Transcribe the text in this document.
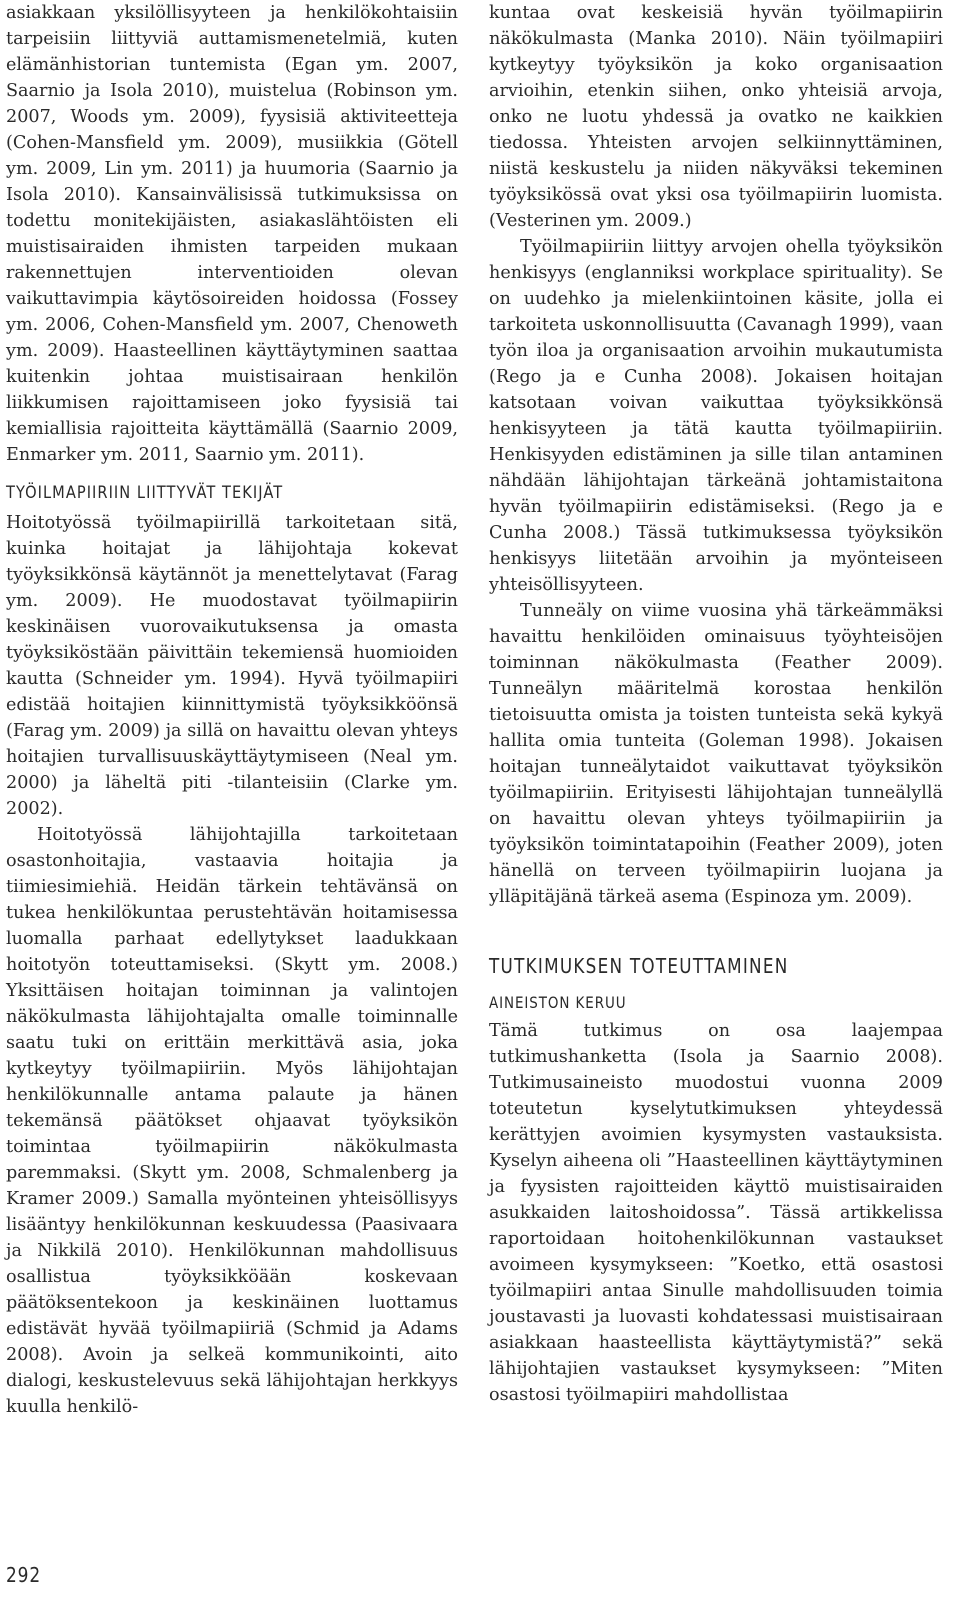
asiakkaan yksilöllisyyteen ja henkilökohtaisiin tarpeisiin liittyviä auttamismenetelmiä, kuten elämänhistorian tuntemista (Egan ym. 2007, Saarnio ja Isola 2010), muistelua (Robinson ym. 2007, Woods ym. 2009), fyysisiä aktiviteetteja (Cohen-Mansfield ym. 2009), musiikkia (Götell ym. 2009, Lin ym. 2011) ja huumoria (Saarnio ja Isola 2010). Kansainvälisissä tutkimuksissa on todettu monitekijäisten, asiakaslähtöisten eli muistisairaiden ihmisten tarpeiden mukaan rakennettujen interventioiden olevan vaikuttavimpia käytösoireiden hoidossa (Fossey ym. 2006, Cohen-Mansfield ym. 2007, Chenoweth ym. 2009). Haasteellinen käyttäytyminen saattaa kuitenkin johtaa muistisairaan henkilön liikkumisen rajoittamiseen joko fyysisiä tai kemiallisia rajoitteita käyttämällä (Saarnio 2009, Enmarker ym. 2011, Saarnio ym. 2011).

TYÖILMAPIIRIIN LIITTYVÄT TEKIJÄT

Hoitotyössä työilmapiirillä tarkoitetaan sitä, kuinka hoitajat ja lähijohtaja kokevat työyksikkönsä käytännöt ja menettelytavat (Farag ym. 2009). He muodostavat työilmapiirin keskinäisen vuorovaikutuksensa ja omasta työyksiköstään päivittäin tekemiensä huomioiden kautta (Schneider ym. 1994). Hyvä työilmapiiri edistää hoitajien kiinnittymistä työyksikköönsä (Farag ym. 2009) ja sillä on havaittu olevan yhteys hoitajien turvallisuuskäyttäytymiseen (Neal ym. 2000) ja läheltä piti -tilanteisiin (Clarke ym. 2002).

Hoitotyössä lähijohtajilla tarkoitetaan osastonhoitajia, vastaavia hoitajia ja tiimiesimiehiä. Heidän tärkein tehtävänsä on tukea henkilökuntaa perustehtävän hoitamisessa luomalla parhaat edellytykset laadukkaan hoitotyön toteuttamiseksi. (Skytt ym. 2008.) Yksittäisen hoitajan toiminnan ja valintojen näkökulmasta lähijohtajalta omalle toiminnalle saatu tuki on erittäin merkittävä asia, joka kytkeytyy työilmapiiriin. Myös lähijohtajan henkilökunnalle antama palaute ja hänen tekemänsä päätökset ohjaavat työyksikön toimintaa työilmapiirin näkökulmasta paremmaksi. (Skytt ym. 2008, Schmalenberg ja Kramer 2009.) Samalla myönteinen yhteisöllisyys lisääntyy henkilökunnan keskuudessa (Paasivaara ja Nikkilä 2010). Henkilökunnan mahdollisuus osallistua työyksikköään koskevaan päätöksentekoon ja keskinäinen luottamus edistävät hyvää työilmapiiriä (Schmid ja Adams 2008). Avoin ja selkeä kommunikointi, aito dialogi, keskustelevuus sekä lähijohtajan herkkyys kuulla henkilö-

kuntaa ovat keskeisiä hyvän työilmapiirin näkökulmasta (Manka 2010). Näin työilmapiiri kytkeytyy työyksikön ja koko organisaation arvioihin, etenkin siihen, onko yhteisiä arvoja, onko ne luotu yhdessä ja ovatko ne kaikkien tiedossa. Yhteisten arvojen selkiinnyttäminen, niistä keskustelu ja niiden näkyväksi tekeminen työyksikössä ovat yksi osa työilmapiirin luomista. (Vesterinen ym. 2009.)

Työilmapiiriin liittyy arvojen ohella työyksikön henkisyys (englanniksi workplace spirituality). Se on uudehko ja mielenkiintoinen käsite, jolla ei tarkoiteta uskonnollisuutta (Cavanagh 1999), vaan työn iloa ja organisaation arvoihin mukautumista (Rego ja e Cunha 2008). Jokaisen hoitajan katsotaan voivan vaikuttaa työyksikkönsä henkisyyteen ja tätä kautta työilmapiiriin. Henkisyyden edistäminen ja sille tilan antaminen nähdään lähijohtajan tärkeänä johtamistaitona hyvän työilmapiirin edistämiseksi. (Rego ja e Cunha 2008.) Tässä tutkimuksessa työyksikön henkisyys liitetään arvoihin ja myönteiseen yhteisöllisyyteen.

Tunneäly on viime vuosina yhä tärkeämmäksi havaittu henkilöiden ominaisuus työyhteisöjen toiminnan näkökulmasta (Feather 2009). Tunneälyn määritelmä korostaa henkilön tietoisuutta omista ja toisten tunteista sekä kykyä hallita omia tunteita (Goleman 1998). Jokaisen hoitajan tunneälytaidot vaikuttavat työyksikön työilmapiiriin. Erityisesti lähijohtajan tunneälyllä on havaittu olevan yhteys työilmapiiriin ja työyksikön toimintatapoihin (Feather 2009), joten hänellä on terveen työilmapiirin luojana ja ylläpitäjänä tärkeä asema (Espinoza ym. 2009).

TUTKIMUKSEN TOTEUTTAMINEN
AINEISTON KERUU

Tämä tutkimus on osa laajempaa tutkimushanketta (Isola ja Saarnio 2008). Tutkimusaineisto muodostui vuonna 2009 toteutetun kyselytutkimuksen yhteydessä kerättyjen avoimien kysymysten vastauksista. Kyselyn aiheena oli ”Haasteellinen käyttäytyminen ja fyysisten rajoitteiden käyttö muistisairaiden asukkaiden laitoshoidossa”. Tässä artikkelissa raportoidaan hoitohenkilökunnan vastaukset avoimeen kysymykseen: ”Koetko, että osastosi työilmapiiri antaa Sinulle mahdollisuuden toimia joustavasti ja luovasti kohdatessasi muistisairaan asiakkaan haasteellista käyttäytymistä?” sekä lähijohtajien vastaukset kysymykseen: ”Miten osastosi työilmapiiri mahdollistaa

292
